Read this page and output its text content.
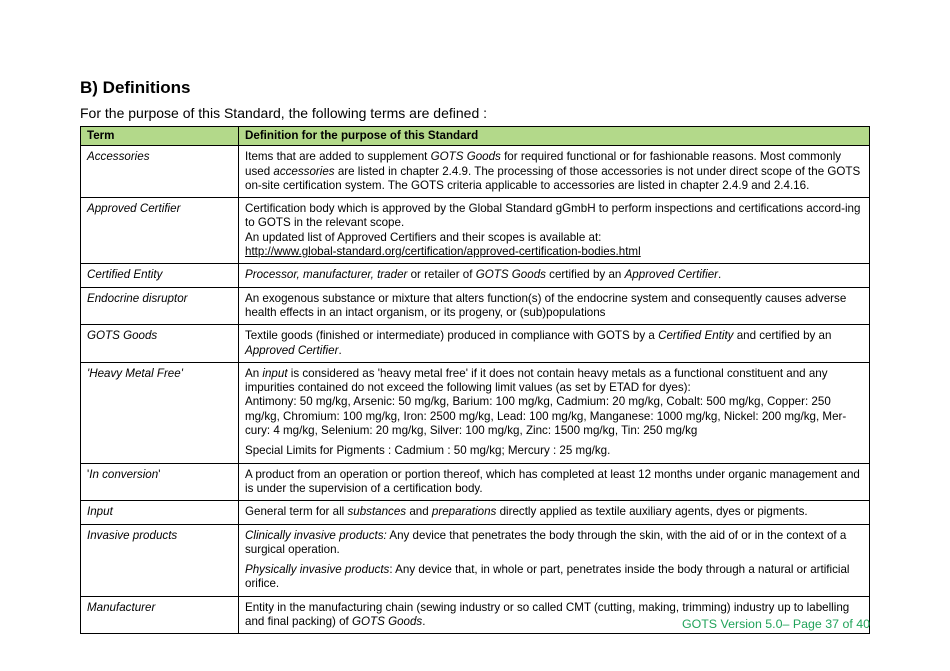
B) Definitions

For the purpose of this Standard, the following terms are defined :

Term	Definition for the purpose of this Standard
Accessories	Items that are added to supplement GOTS Goods for required functional or for fashionable reasons. Most commonly used accessories are listed in chapter 2.4.9. The processing of those accessories is not under direct scope of the GOTS on-site certification system. The GOTS criteria applicable to accessories are listed in chapter 2.4.9 and 2.4.16.
Approved Certifier	Certification body which is approved by the Global Standard gGmbH to perform inspections and certifications accord-ing to GOTS in the relevant scope.
An updated list of Approved Certifiers and their scopes is available at:
http://www.global-standard.org/certification/approved-certification-bodies.html
Certified Entity	Processor, manufacturer, trader or retailer of GOTS Goods certified by an Approved Certifier.
Endocrine disruptor	An exogenous substance or mixture that alters function(s) of the endocrine system and consequently causes adverse health effects in an intact organism, or its progeny, or (sub)populations
GOTS Goods	Textile goods (finished or intermediate) produced in compliance with GOTS by a Certified Entity and certified by an Approved Certifier.
'Heavy Metal Free'	An input is considered as 'heavy metal free' if it does not contain heavy metals as a functional constituent and any impurities contained do not exceed the following limit values (as set by ETAD for dyes):
Antimony: 50 mg/kg, Arsenic: 50 mg/kg, Barium: 100 mg/kg, Cadmium: 20 mg/kg, Cobalt: 500 mg/kg, Copper: 250 mg/kg, Chromium: 100 mg/kg, Iron: 2500 mg/kg, Lead: 100 mg/kg, Manganese: 1000 mg/kg, Nickel: 200 mg/kg, Mer-cury: 4 mg/kg, Selenium: 20 mg/kg, Silver: 100 mg/kg, Zinc: 1500 mg/kg, Tin: 250 mg/kg
Special Limits for Pigments : Cadmium : 50 mg/kg; Mercury : 25 mg/kg.

'In conversion'	A product from an operation or portion thereof, which has completed at least 12 months under organic management and is under the supervision of a certification body.
Input	General term for all substances and preparations directly applied as textile auxiliary agents, dyes or pigments.
Invasive products	Clinically invasive products: Any device that penetrates the body through the skin, with the aid of or in the context of a surgical operation.
Physically invasive products: Any device that, in whole or part, penetrates inside the body through a natural or artificial orifice.

Manufacturer	Entity in the manufacturing chain (sewing industry or so called CMT (cutting, making, trimming) industry up to labelling and final packing) of GOTS Goods.	GOTS Version 5.0– Page 37 of 40
